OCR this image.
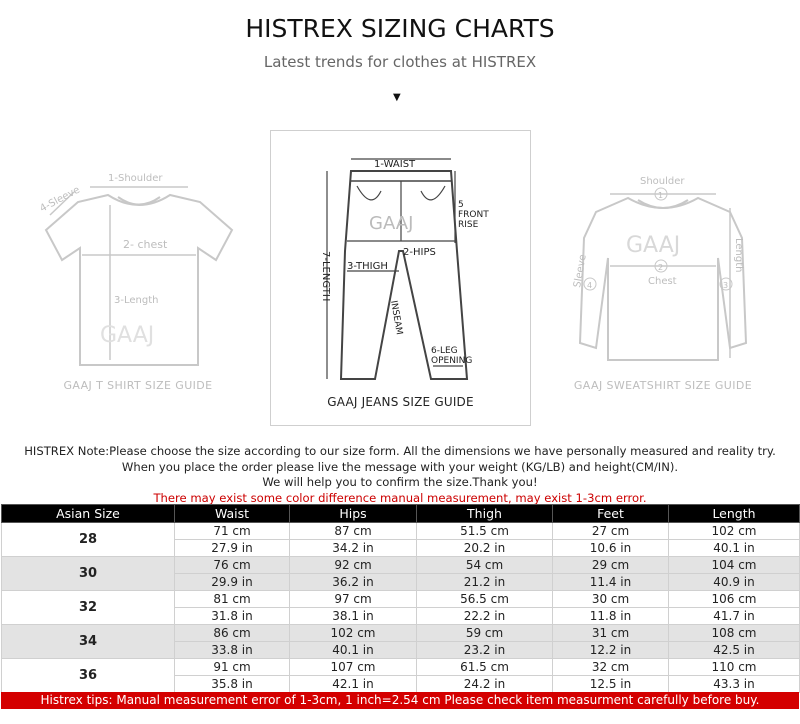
HISTREX SIZING CHARTS
Latest trends for clothes at HISTREX
▼
1-Shoulder
4-Sleeve
2- chest
3-Length
GAAJ
GAAJ T SHIRT SIZE GUIDE
1-WAIST
5
FRONT
RISE
2-HIPS
3-THIGH
7-LENGTH
INSEAM
6-LEG
OPENING
GAAJ
GAAJ JEANS SIZE GUIDE
1
2
3
4
Shoulder
Length
Sleeve	Chest
GAAJ
GAAJ SWEATSHIRT SIZE GUIDE
HISTREX Note:Please choose the size according to our size form. All the dimensions we have personally measured and reality try.
When you place the order please live the message with your weight (KG/LB) and height(CM/IN).
We will help you to confirm the size.Thank you!
There may exist some color difference manual measurement, may exist 1-3cm error.
Asian Size	Waist	Hips	Thigh	Feet	Length
28	71 cm	87 cm	51.5 cm	27 cm	102 cm
	27.9 in	34.2 in	20.2 in	10.6 in	40.1 in
30	76 cm	92 cm	54 cm	29 cm	104 cm
	29.9 in	36.2 in	21.2 in	11.4 in	40.9 in
32	81 cm	97 cm	56.5 cm	30 cm	106 cm
	31.8 in	38.1 in	22.2 in	11.8 in	41.7 in
34	86 cm	102 cm	59 cm	31 cm	108 cm
	33.8 in	40.1 in	23.2 in	12.2 in	42.5 in
36	91 cm	107 cm	61.5 cm	32 cm	110 cm
	35.8 in	42.1 in	24.2 in	12.5 in	43.3 in
Histrex tips: Manual measurement error of 1-3cm, 1 inch=2.54 cm Please check item measurment carefully before buy.
